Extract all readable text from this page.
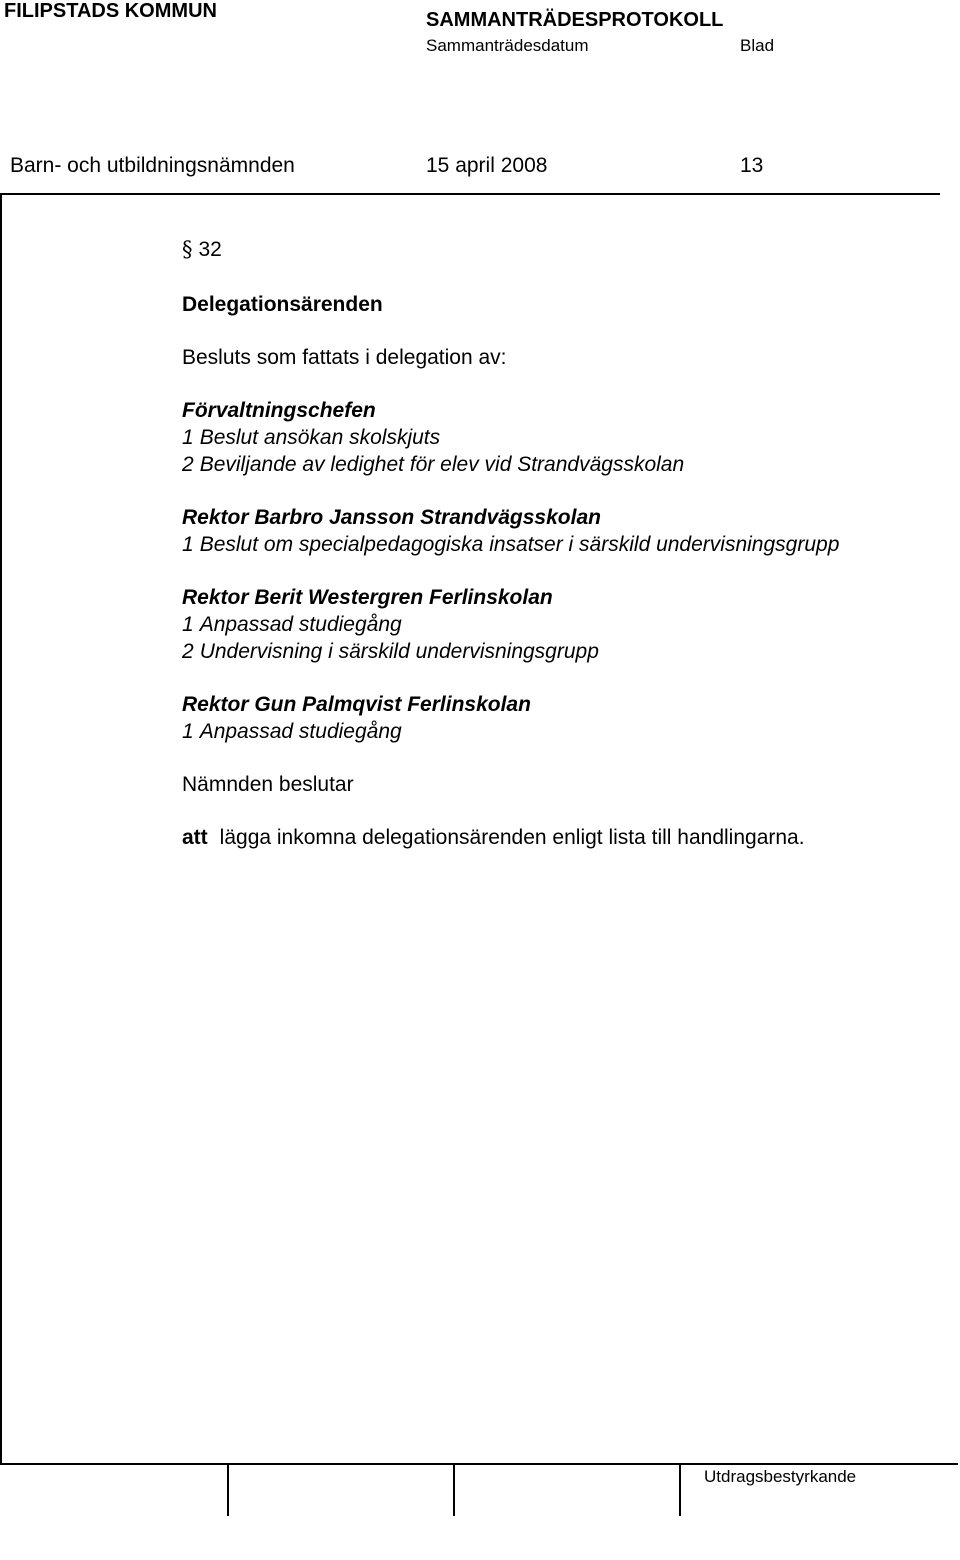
FILIPSTADS KOMMUN	SAMMANTRÄDESPROTOKOLL
Sammanträdesdatum	Blad
Barn- och utbildningsnämnden	15 april 2008	13
§ 32
Delegationsärenden
Besluts som fattats i delegation av:
Förvaltningschefen
1 Beslut ansökan skolskjuts
2 Beviljande av ledighet för elev vid Strandvägsskolan
Rektor Barbro Jansson Strandvägsskolan
1 Beslut om specialpedagogiska insatser i särskild undervisningsgrupp
Rektor Berit Westergren Ferlinskolan
1 Anpassad studiegång
2 Undervisning i särskild undervisningsgrupp
Rektor Gun Palmqvist Ferlinskolan
1 Anpassad studiegång
Nämnden beslutar
att lägga inkomna delegationsärenden enligt lista till handlingarna.
Utdragsbestyrkande
